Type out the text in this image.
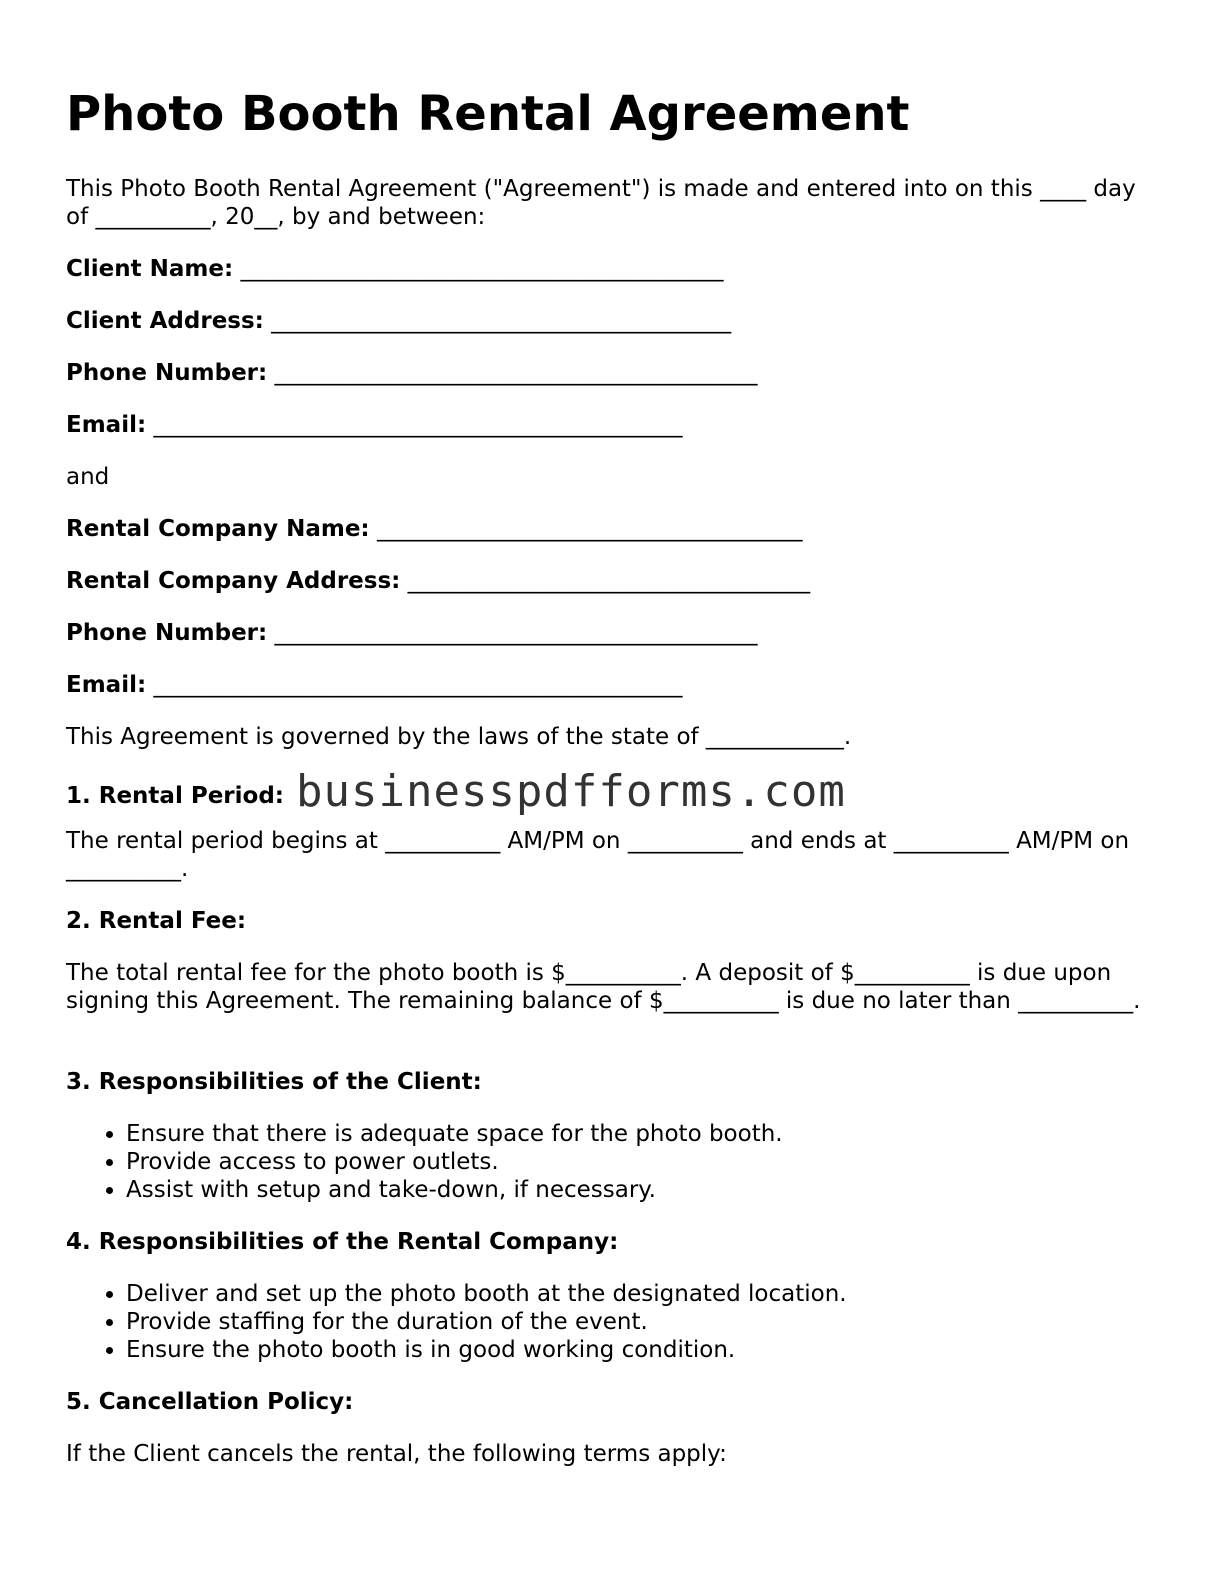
Photo Booth Rental Agreement

This Photo Booth Rental Agreement ("Agreement") is made and entered into on this ____ day of __________, 20__, by and between:

Client Name: __________________________________________

Client Address: ________________________________________

Phone Number: __________________________________________

Email: ______________________________________________

and

Rental Company Name: _____________________________________

Rental Company Address: ___________________________________

Phone Number: __________________________________________

Email: ______________________________________________

This Agreement is governed by the laws of the state of ____________.

1. Rental Period: businesspdfforms.com

The rental period begins at __________ AM/PM on __________ and ends at __________ AM/PM on __________.

2. Rental Fee:

The total rental fee for the photo booth is $__________. A deposit of $__________ is due upon signing this Agreement. The remaining balance of $__________ is due no later than __________.

3. Responsibilities of the Client:

• Ensure that there is adequate space for the photo booth.
• Provide access to power outlets.
• Assist with setup and take-down, if necessary.

4. Responsibilities of the Rental Company:

• Deliver and set up the photo booth at the designated location.
• Provide staffing for the duration of the event.
• Ensure the photo booth is in good working condition.

5. Cancellation Policy:

If the Client cancels the rental, the following terms apply:
